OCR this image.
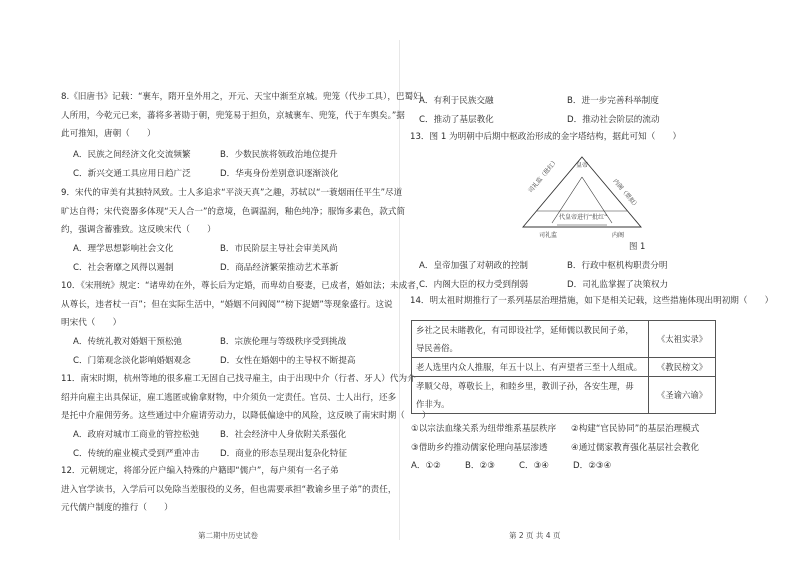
8.《旧唐书》记载：“裹车，隋开皇外用之，开元、天宝中渐至京城。兜笼（代步工具），巴蜀妇

人所用，今乾元已来，蕃将多著勋于朝，兜笼易于担负，京城裹车、兜笼，代于车舆矣。”据

此可推知，唐朝（　　）

A．民族之间经济文化交流频繁	B．少数民族将领政治地位提升
C．新兴交通工具应用日趋广泛	D．华夷身份差别意识逐渐淡化

9．宋代的审美有其独特风致。士人多追求“平淡天真”之趣，苏轼以“一蓑烟雨任平生”尽道

旷达自得；宋代瓷器多体现“天人合一”的意境，色调温润，釉色纯净；服饰多素色，款式简

约，强调含蓄雅致。这反映宋代（　　）

A．理学思想影响社会文化	B．市民阶层主导社会审美风尚
C．社会奢靡之风得以遏制	D．商品经济繁荣推动艺术革新

10．《宋刑统》规定：“诸卑幼在外，尊长后为定婚，而卑幼自娶妻，已成者，婚如法；未成者，

从尊长，违者杖一百”；但在实际生活中，“婚姻不问阀阅”“榜下捉婿”等现象盛行。这说

明宋代（　　）

A．传统礼教对婚姻干预松弛	B．宗族伦理与等级秩序受到挑战
C．门第观念淡化影响婚姻观念	D．女性在婚姻中的主导权不断提高

11．南宋时期，杭州等地的很多雇工无固自己找寻雇主，由于出现中介（行者、牙人）代为介

绍并向雇主出具保证，雇工逃匿或偷拿财物，中介须负一定责任。官员、士人出行，还多

是托中介雇佣劳务。这些通过中介雇请劳动力，以降低偏途中的风险，这反映了南宋时期（　　）

A．政府对城市工商业的管控松弛 B．社会经济中人身依附关系强化
C．传统的雇业模式受到严重冲击 D．商业的形态呈现出复杂化特征

12．元朝规定，将部分匠户编入特殊的户籍即“儒户”，每户须有一名子弟

进入官学读书，入学后可以免除当差服役的义务，但也需要承担“教谕乡里子弟”的责任，

元代儒户制度的推行（　　）

第二期中历史试卷
A．有利于民族交融	B．进一步完善科举制度
C．推动了基层教化	D．推动社会阶层的流动

13．图 1 为明朝中后期中枢政治形成的金字塔结构，据此可知（　　）

皇帝
司礼监（批红）	内阁（票拟）
代皇帝进行“批红”
司礼监	内阁
图 1
A．皇帝加强了对朝政的控制	B．行政中枢机构职责分明
C．内阁大臣的权力受到削弱	D．司礼监掌握了决策权力

14．明太祖时期推行了一系列基层治理措施，如下是相关记载，这些措施体现出明初期（　　）

乡社之民未睹教化，有司即设社学，延师儒以教民间子弟，
导民善俗。	《太祖实录》
老人选里内众人推服，年五十以上、有声望者三至十人组成。	《教民榜文》
孝顺父母，尊敬长上，和睦乡里，教训子孙，各安生理，毋
作非为。	《圣谕六谕》
①以宗法血缘关系为纽带维系基层秩序 ②构建“官民协同”的基层治理模式
③借助乡约推动儒家伦理向基层渗透	④通过儒家教育强化基层社会教化
A．①②	B．②③	C．③④	D．②③④
第 2 页 共 4 页
